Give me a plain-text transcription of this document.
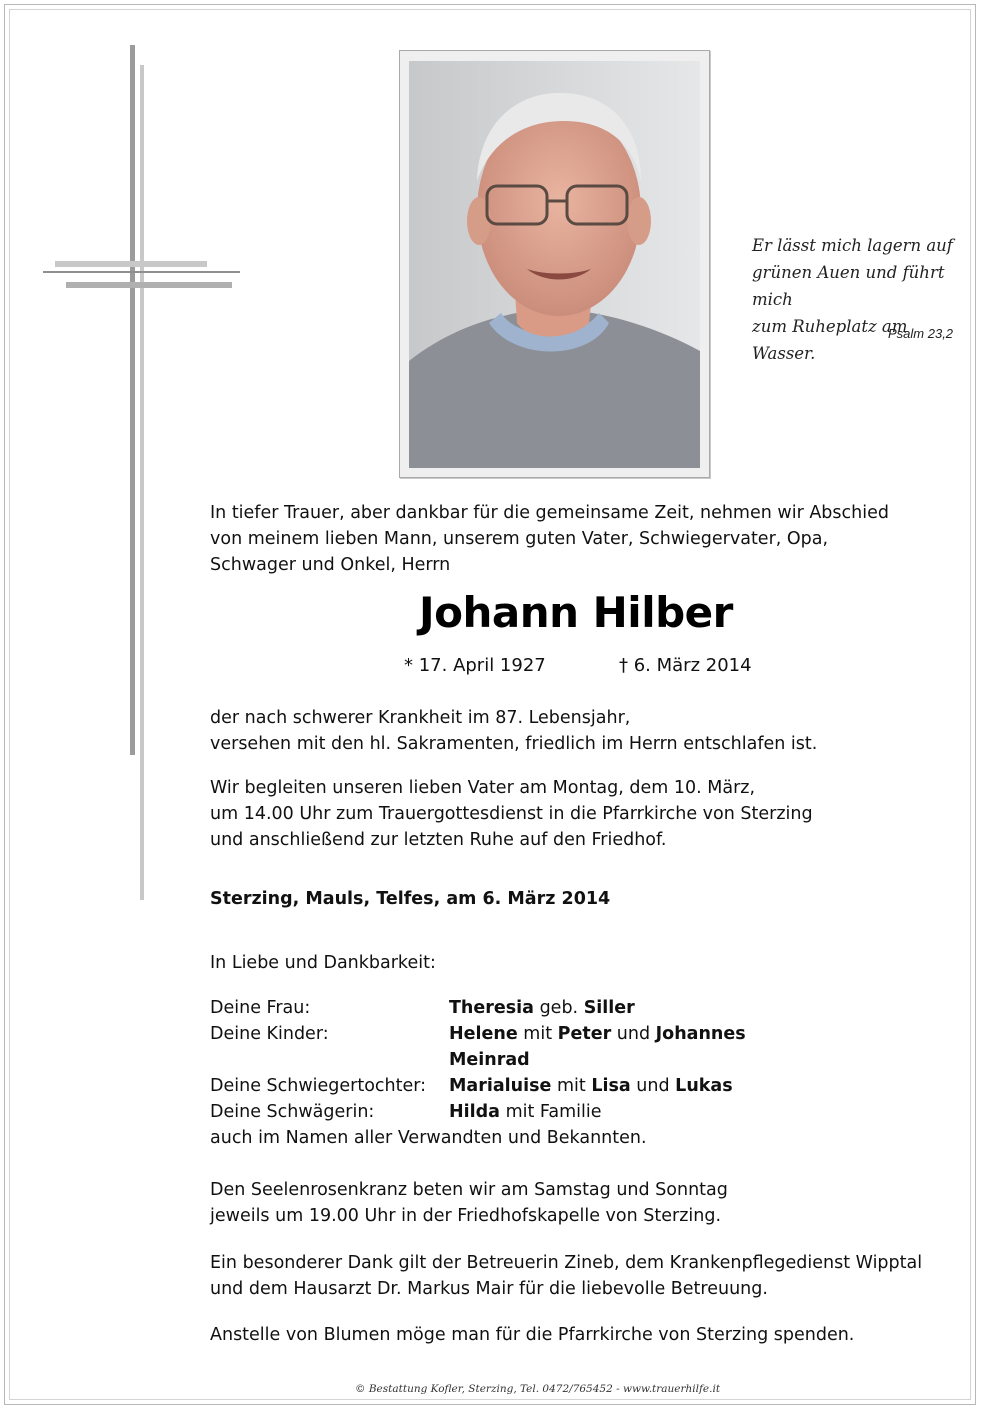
Er lässt mich lagern auf
grünen Auen und führt mich
zum Ruheplatz am Wasser.
Psalm 23,2

In tiefer Trauer, aber dankbar für die gemeinsame Zeit, nehmen wir Abschied

von meinem lieben Mann, unserem guten Vater, Schwiegervater, Opa,

Schwager und Onkel, Herrn

Johann Hilber
* 17. April 1927	† 6. März 2014

der nach schwerer Krankheit im 87. Lebensjahr,

versehen mit den hl. Sakramenten, friedlich im Herrn entschlafen ist.

Wir begleiten unseren lieben Vater am Montag, dem 10. März,

um 14.00 Uhr zum Trauergottesdienst in die Pfarrkirche von Sterzing

und anschließend zur letzten Ruhe auf den Friedhof.

Sterzing, Mauls, Telfes, am 6. März 2014
In Liebe und Dankbarkeit:
Deine Frau:	Theresia geb. Siller
Deine Kinder:	Helene mit Peter und Johannes
Meinrad
Deine Schwiegertochter: Marialuise mit Lisa und Lukas
Deine Schwägerin:	Hilda mit Familie
auch im Namen aller Verwandten und Bekannten.

Den Seelenrosenkranz beten wir am Samstag und Sonntag

jeweils um 19.00 Uhr in der Friedhofskapelle von Sterzing.

Ein besonderer Dank gilt der Betreuerin Zineb, dem Krankenpflegedienst Wipptal

und dem Hausarzt Dr. Markus Mair für die liebevolle Betreuung.

Anstelle von Blumen möge man für die Pfarrkirche von Sterzing spenden.
© Bestattung Kofler, Sterzing, Tel. 0472/765452 - www.trauerhilfe.it
